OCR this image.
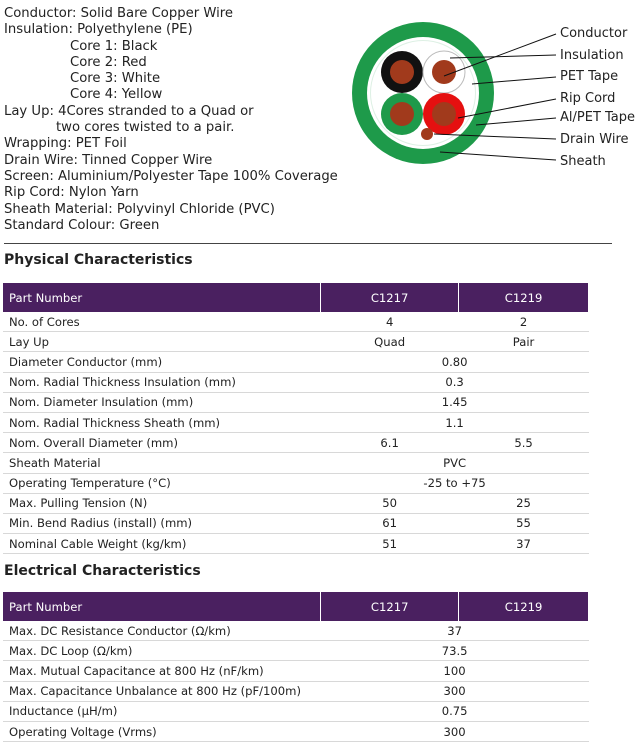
Conductor: Solid Bare Copper Wire
Insulation: Polyethylene (PE)
Core 1: Black
Core 2: Red
Core 3: White
Core 4: Yellow
Lay Up: 4Cores stranded to a Quad or
two cores twisted to a pair.
Wrapping: PET Foil
Drain Wire: Tinned Copper Wire
Screen: Aluminium/Polyester Tape 100% Coverage
Rip Cord: Nylon Yarn
Sheath Material: Polyvinyl Chloride (PVC)
Standard Colour: Green
Conductor
Insulation
PET Tape
Rip Cord
Al/PET Tape
Drain Wire
Sheath
Physical Characteristics
Part Number	C1217	C1219
No. of Cores	4	2
Lay Up	Quad	Pair
Diameter Conductor (mm)	0.80	
Nom. Radial Thickness Insulation (mm)	0.3	
Nom. Diameter Insulation (mm)	1.45	
Nom. Radial Thickness Sheath (mm)	1.1	
Nom. Overall Diameter (mm)	6.1	5.5
Sheath Material	PVC	
Operating Temperature (°C)	-25 to +75	
Max. Pulling Tension (N)	50	25
Min. Bend Radius (install) (mm)	61	55
Nominal Cable Weight (kg/km)	51	37
Electrical Characteristics
Part Number	C1217	C1219
Max. DC Resistance Conductor (Ω/km)	37	
Max. DC Loop (Ω/km)	73.5	
Max. Mutual Capacitance at 800 Hz (nF/km)	100	
Max. Capacitance Unbalance at 800 Hz (pF/100m)	300	
Inductance (µH/m)	0.75	
Operating Voltage (Vrms)	300	
